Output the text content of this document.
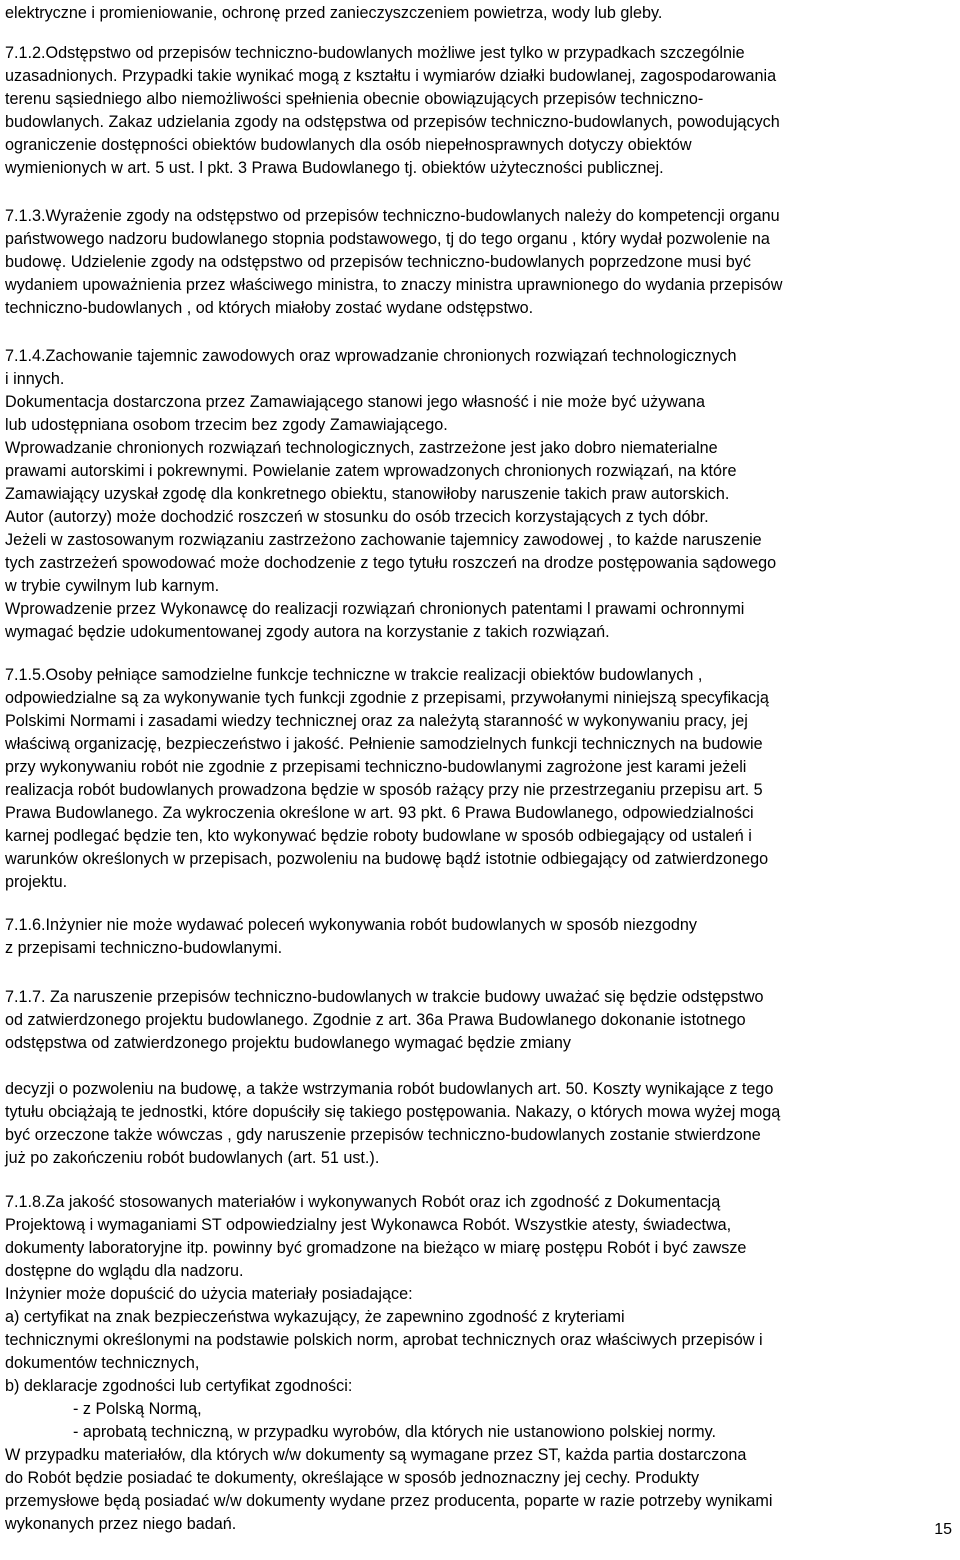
elektryczne i promieniowanie, ochronę przed zanieczyszczeniem powietrza, wody lub gleby.
7.1.2.Odstępstwo od przepisów techniczno-budowlanych możliwe jest tylko w przypadkach szczególnie
uzasadnionych. Przypadki takie wynikać mogą z kształtu i wymiarów działki budowlanej, zagospodarowania
terenu sąsiedniego albo niemożliwości spełnienia obecnie obowiązujących przepisów techniczno-
budowlanych. Zakaz udzielania zgody na odstępstwa od przepisów techniczno-budowlanych, powodujących
ograniczenie dostępności obiektów budowlanych dla osób niepełnosprawnych dotyczy obiektów
wymienionych w art. 5 ust. l pkt. 3 Prawa Budowlanego tj. obiektów użyteczności publicznej.
7.1.3.Wyrażenie zgody na odstępstwo od przepisów techniczno-budowlanych należy do kompetencji organu
państwowego nadzoru budowlanego stopnia podstawowego, tj do tego organu , który wydał pozwolenie na
budowę. Udzielenie zgody na odstępstwo od przepisów techniczno-budowlanych poprzedzone musi być
wydaniem upoważnienia przez właściwego ministra, to znaczy ministra uprawnionego do wydania przepisów
techniczno-budowlanych , od których miałoby zostać wydane odstępstwo.
7.1.4.Zachowanie tajemnic zawodowych oraz wprowadzanie chronionych rozwiązań technologicznych
i innych.
Dokumentacja dostarczona przez Zamawiającego stanowi jego własność i nie może być używana
lub udostępniana osobom trzecim bez zgody Zamawiającego.
Wprowadzanie chronionych rozwiązań technologicznych, zastrzeżone jest jako dobro niematerialne
prawami autorskimi i pokrewnymi. Powielanie zatem wprowadzonych chronionych rozwiązań, na które
Zamawiający uzyskał zgodę dla konkretnego obiektu, stanowiłoby naruszenie takich praw autorskich.
Autor (autorzy) może dochodzić roszczeń w stosunku do osób trzecich korzystających z tych dóbr.
Jeżeli w zastosowanym rozwiązaniu zastrzeżono zachowanie tajemnicy zawodowej , to każde naruszenie
tych zastrzeżeń spowodować może dochodzenie z tego tytułu roszczeń na drodze postępowania sądowego
w trybie cywilnym lub karnym.
Wprowadzenie przez Wykonawcę do realizacji rozwiązań chronionych patentami l prawami ochronnymi
wymagać będzie udokumentowanej zgody autora na korzystanie z takich rozwiązań.
7.1.5.Osoby pełniące samodzielne funkcje techniczne w trakcie realizacji obiektów budowlanych ,
odpowiedzialne są za wykonywanie tych funkcji zgodnie z przepisami, przywołanymi niniejszą specyfikacją
Polskimi Normami i zasadami wiedzy technicznej oraz za należytą staranność w wykonywaniu pracy, jej
właściwą organizację, bezpieczeństwo i jakość. Pełnienie samodzielnych funkcji technicznych na budowie
przy wykonywaniu robót nie zgodnie z przepisami techniczno-budowlanymi zagrożone jest karami jeżeli
realizacja robót budowlanych prowadzona będzie w sposób rażący przy nie przestrzeganiu przepisu art. 5
Prawa Budowlanego. Za wykroczenia określone w art. 93 pkt. 6 Prawa Budowlanego, odpowiedzialności
karnej podlegać będzie ten, kto wykonywać będzie roboty budowlane w sposób odbiegający od ustaleń i
warunków określonych w przepisach, pozwoleniu na budowę bądź istotnie odbiegający od zatwierdzonego
projektu.
7.1.6.Inżynier nie może wydawać poleceń wykonywania robót budowlanych w sposób niezgodny
z przepisami techniczno-budowlanymi.
7.1.7. Za naruszenie przepisów techniczno-budowlanych w trakcie budowy uważać się będzie odstępstwo
od zatwierdzonego projektu budowlanego. Zgodnie z art. 36a Prawa Budowlanego dokonanie istotnego
odstępstwa od zatwierdzonego projektu budowlanego wymagać będzie zmiany
decyzji o pozwoleniu na budowę, a także wstrzymania robót budowlanych art. 50. Koszty wynikające z tego
tytułu obciążają te jednostki, które dopuściły się takiego postępowania. Nakazy, o których mowa wyżej mogą
być orzeczone także wówczas , gdy naruszenie przepisów techniczno-budowlanych zostanie stwierdzone
już po zakończeniu robót budowlanych (art. 51 ust.).
7.1.8.Za jakość stosowanych materiałów i wykonywanych Robót oraz ich zgodność z Dokumentacją
Projektową i wymaganiami ST odpowiedzialny jest Wykonawca Robót. Wszystkie atesty, świadectwa,
dokumenty laboratoryjne itp. powinny być gromadzone na bieżąco w miarę postępu Robót i być zawsze
dostępne do wglądu dla nadzoru.
Inżynier może dopuścić do użycia materiały posiadające:
a) certyfikat na znak bezpieczeństwa wykazujący, że zapewnino zgodność z kryteriami
technicznymi określonymi na podstawie polskich norm, aprobat technicznych oraz właściwych przepisów i
dokumentów technicznych,
b) deklaracje zgodności lub certyfikat zgodności:
- z Polską Normą,
- aprobatą techniczną, w przypadku wyrobów, dla których nie ustanowiono polskiej normy.
W przypadku materiałów, dla których w/w dokumenty są wymagane przez ST, każda partia dostarczona
do Robót będzie posiadać te dokumenty, określające w sposób jednoznaczny jej cechy. Produkty
przemysłowe będą posiadać w/w dokumenty wydane przez producenta, poparte w razie potrzeby wynikami
wykonanych przez niego badań.	15
